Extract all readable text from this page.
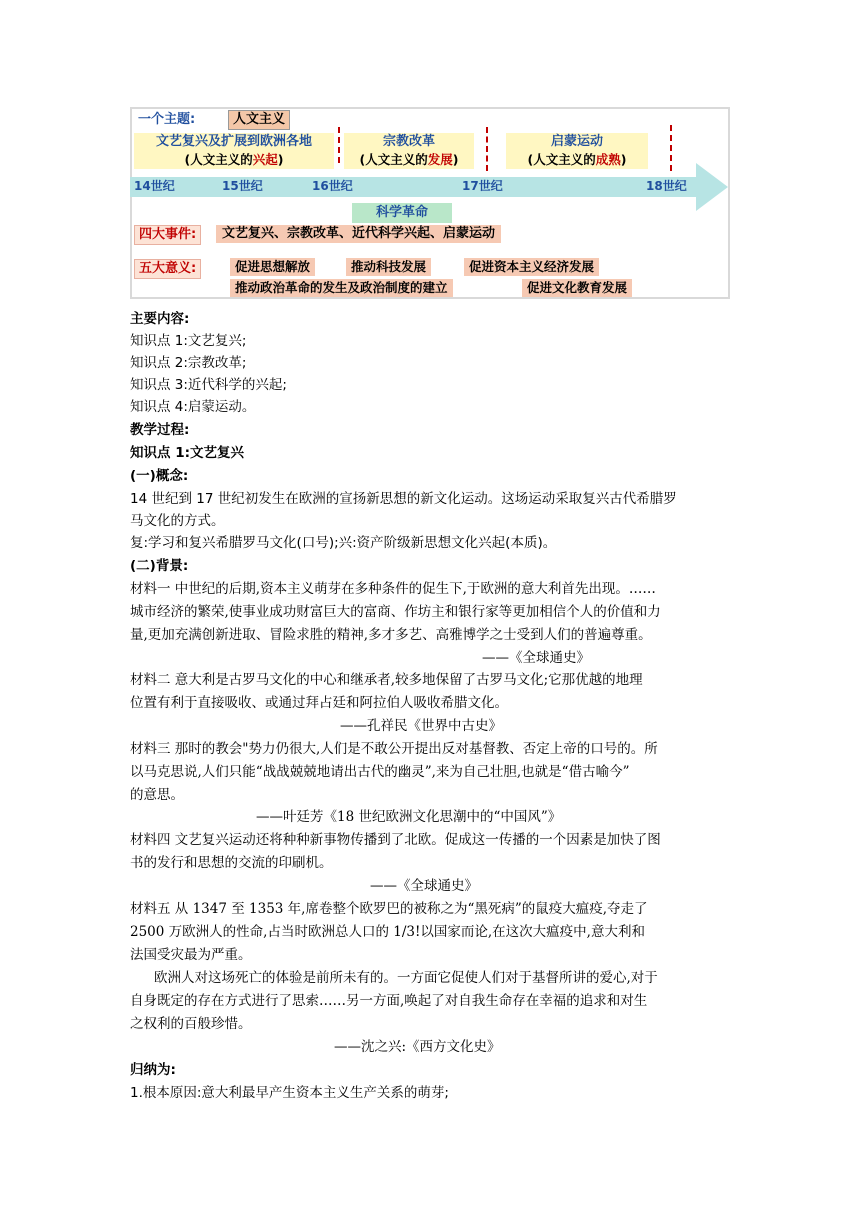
一个主题:	人文主义
文艺复兴及扩展到欧洲各地
(人文主义的兴起)
宗教改革
(人文主义的发展)
启蒙运动
(人文主义的成熟)
14世纪	15世纪	16世纪	17世纪	18世纪
科学革命
四大事件:	文艺复兴、宗教改革、近代科学兴起、启蒙运动
五大意义:	促进思想解放	推动科技发展	促进资本主义经济发展
推动政治革命的发生及政治制度的建立	促进文化教育发展
主要内容:
知识点 1:文艺复兴;
知识点 2:宗教改革;
知识点 3:近代科学的兴起;
知识点 4:启蒙运动。
教学过程:
知识点 1:文艺复兴
(一)概念:
14 世纪到 17 世纪初发生在欧洲的宣扬新思想的新文化运动。这场运动采取复兴古代希腊罗
马文化的方式。
复:学习和复兴希腊罗马文化(口号);兴:资产阶级新思想文化兴起(本质)。
(二)背景:
材料一 中世纪的后期,资本主义萌芽在多种条件的促生下,于欧洲的意大利首先出现。……
城市经济的繁荣,使事业成功财富巨大的富商、作坊主和银行家等更加相信个人的价值和力
量,更加充满创新进取、冒险求胜的精神,多才多艺、高雅博学之士受到人们的普遍尊重。
——《全球通史》
材料二 意大利是古罗马文化的中心和继承者,较多地保留了古罗马文化;它那优越的地理
位置有利于直接吸收、或通过拜占廷和阿拉伯人吸收希腊文化。
——孔祥民《世界中古史》
材料三 那时的教会"势力仍很大,人们是不敢公开提出反对基督教、否定上帝的口号的。所
以马克思说,人们只能“战战兢兢地请出古代的幽灵”,来为自己壮胆,也就是“借古喻今”
的意思。
——叶廷芳《18 世纪欧洲文化思潮中的“中国风”》
材料四 文艺复兴运动还将种种新事物传播到了北欧。促成这一传播的一个因素是加快了图
书的发行和思想的交流的印刷机。
——《全球通史》
材料五 从 1347 至 1353 年,席卷整个欧罗巴的被称之为“黑死病”的鼠疫大瘟疫,夺走了
2500 万欧洲人的性命,占当时欧洲总人口的 1/3!以国家而论,在这次大瘟疫中,意大利和
法国受灾最为严重。
欧洲人对这场死亡的体验是前所未有的。一方面它促使人们对于基督所讲的爱心,对于
自身既定的存在方式进行了思索……另一方面,唤起了对自我生命存在幸福的追求和对生
之权利的百般珍惜。
——沈之兴:《西方文化史》
归纳为:
1.根本原因:意大利最早产生资本主义生产关系的萌芽;
